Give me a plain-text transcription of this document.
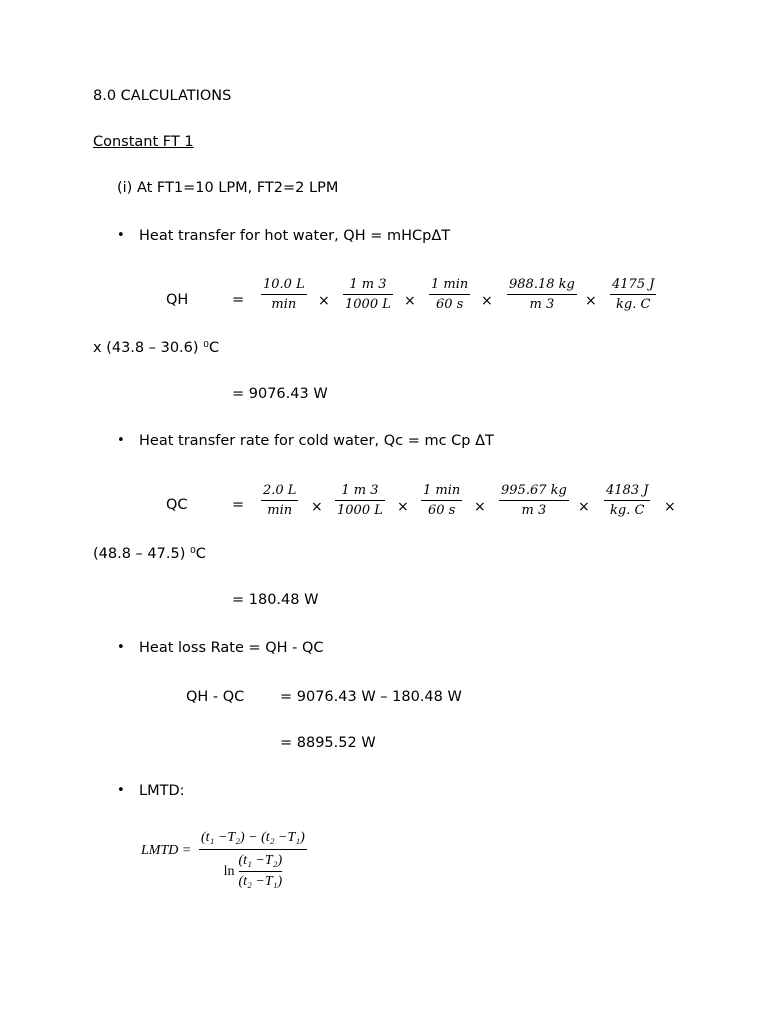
8.0 CALCULATIONS
Constant FT 1
(i) At FT1=10 LPM, FT2=2 LPM
• Heat transfer for hot water, QH = mHCpΔT
QH	=
10.0 L
min ×
1 m 3
1000 L ×
1 min
60 s ×
988.18 kg
m 3 ×
4175 J
kg. C
x (43.8 – 30.6) ⁰C
= 9076.43 W
• Heat transfer rate for cold water, Qc = mc Cp ΔT
QC	=
2.0 L
min ×
1 m 3
1000 L ×
1 min
60 s ×
995.67 kg
m 3 ×
4183 J
kg. C ×
(48.8 – 47.5) ⁰C
= 180.48 W
• Heat loss Rate = QH - QC
QH - QC = 9076.43 W – 180.48 W
= 8895.52 W
• LMTD:
LMTD =
(t₁ −T₂) − (t₂ −T₁)
ln
(t₁ −T₂)
(t₂ −T₁)
